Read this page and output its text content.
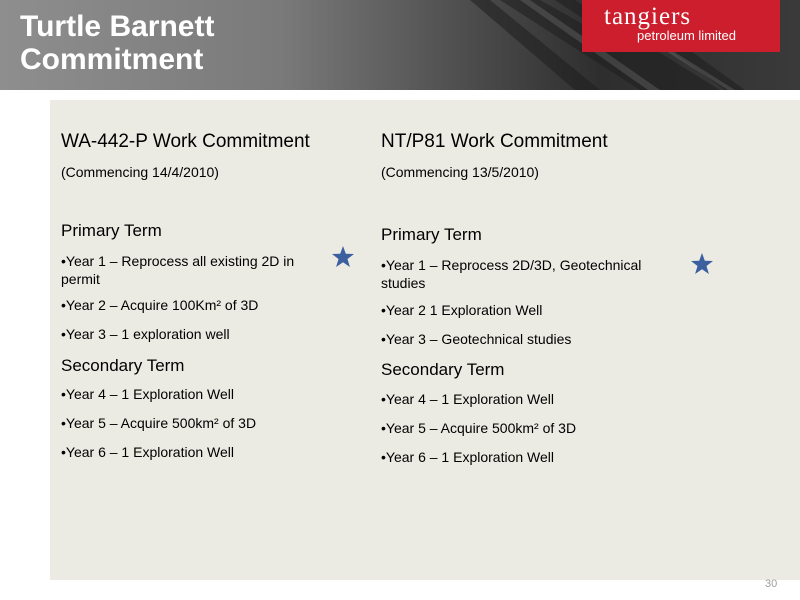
Turtle Barnett
Commitment
tangiers
petroleum limited
WA-442-P Work Commitment
(Commencing 14/4/2010)
Primary Term
•Year 1 – Reprocess all existing 2D in permit
•Year 2 – Acquire 100Km² of 3D
•Year 3 – 1 exploration well
Secondary Term
•Year 4 – 1 Exploration Well
•Year 5 – Acquire 500km² of 3D
•Year 6 – 1 Exploration Well
NT/P81 Work Commitment
(Commencing 13/5/2010)
Primary Term
•Year 1 – Reprocess 2D/3D, Geotechnical studies
•Year 2 1 Exploration Well
•Year 3 – Geotechnical studies
Secondary Term
•Year 4 – 1 Exploration Well
•Year 5 – Acquire 500km² of 3D
•Year 6 – 1 Exploration Well
30
